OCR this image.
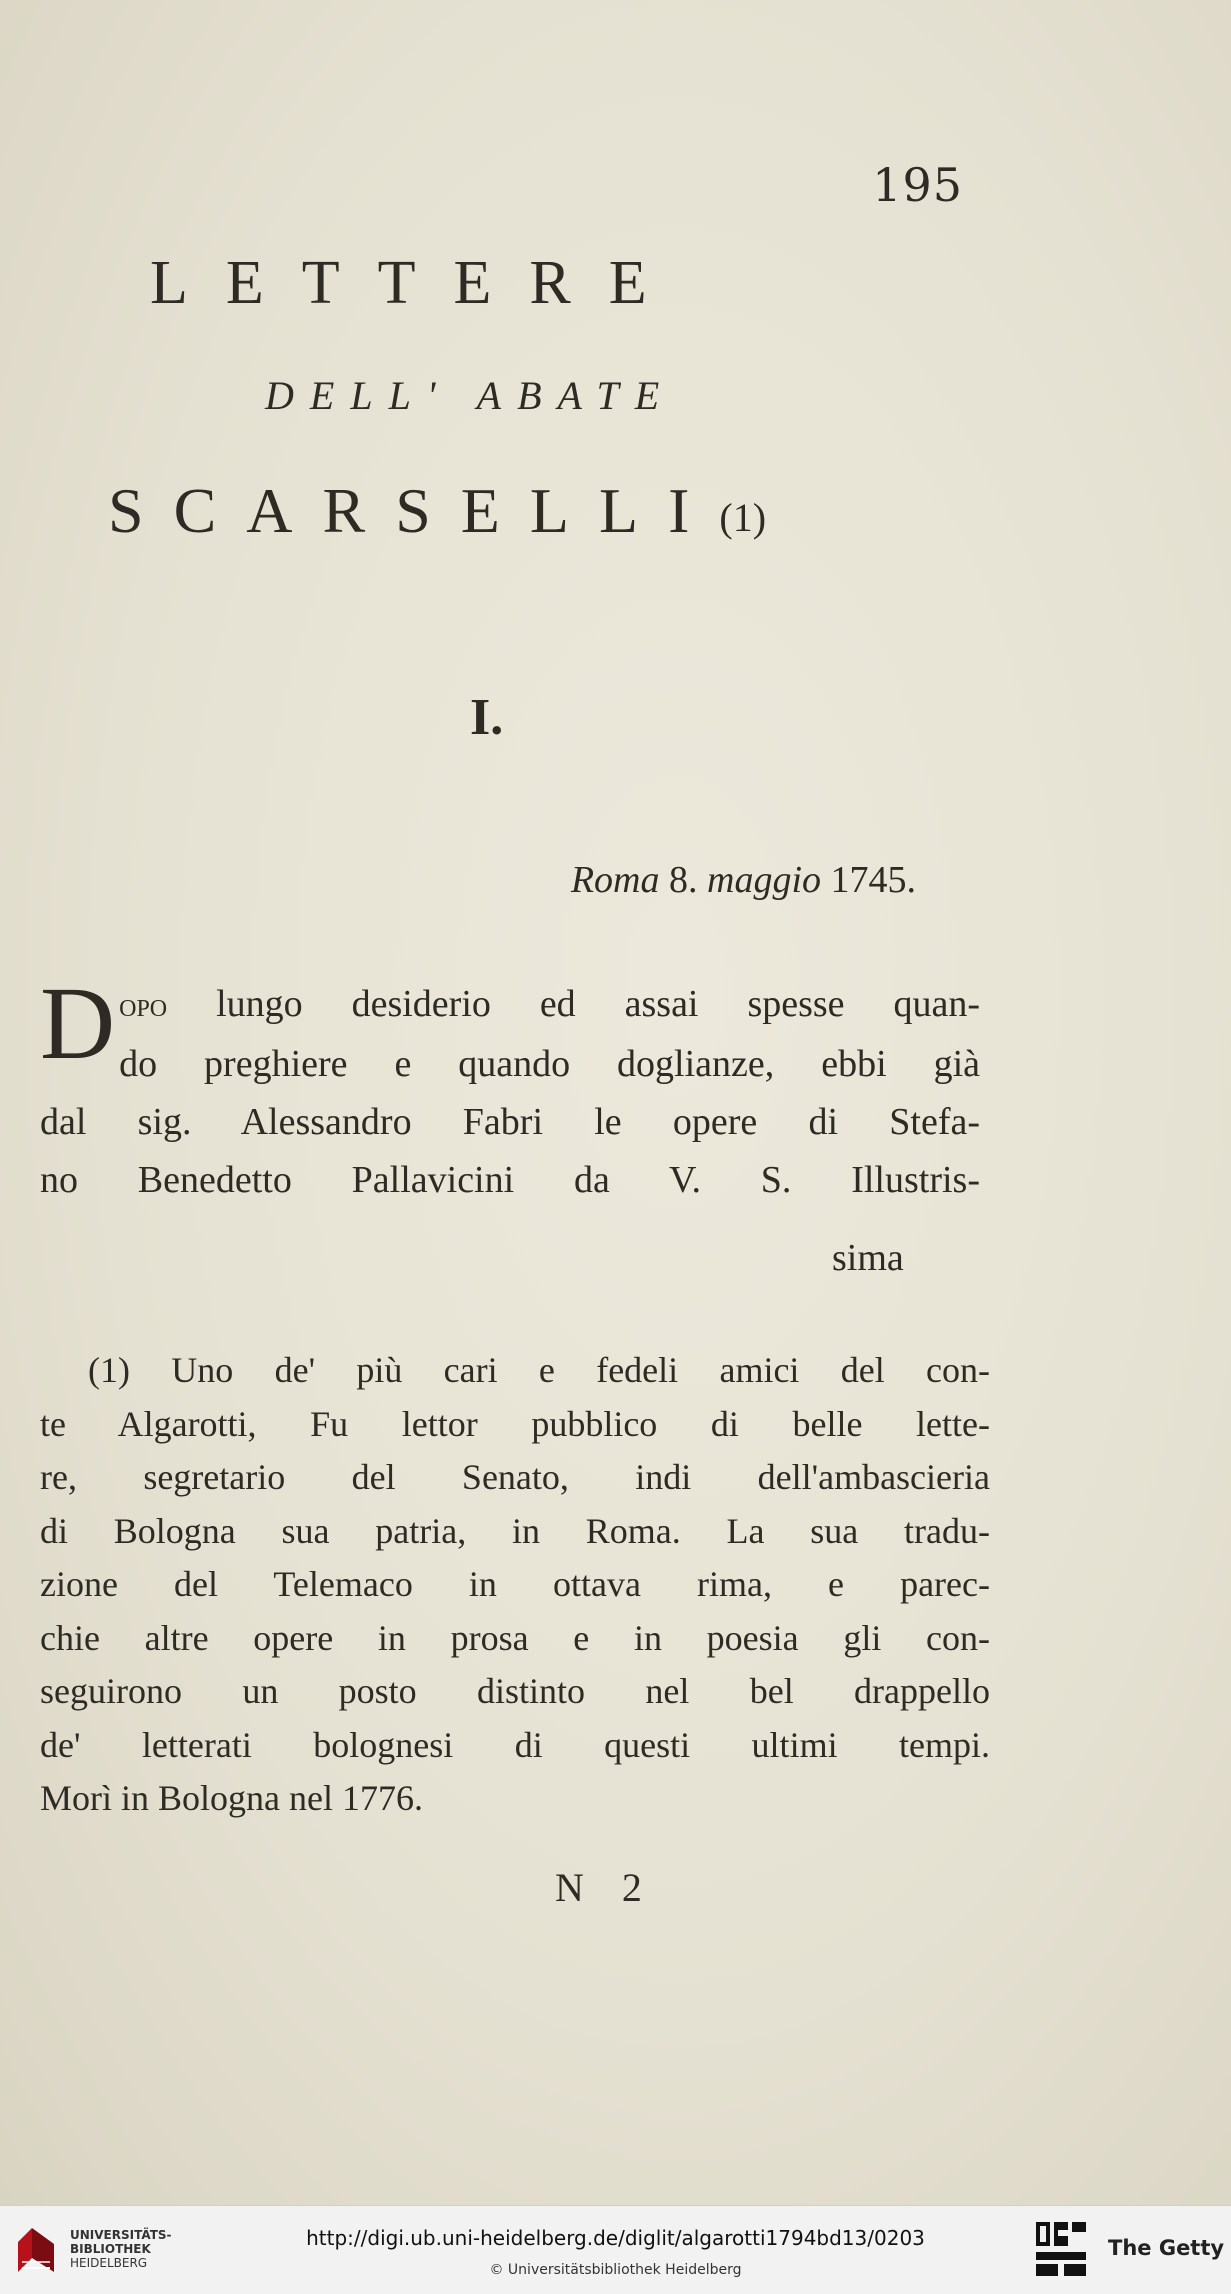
195
LETTERE
DELL' ABATE
SCARSELLI(1)
I.
Roma 8. maggio 1745.
D opo lungo desiderio ed assai spesse quan-
do preghiere e quando doglianze, ebbi già
dal sig. Alessandro Fabri le opere di Stefa-
no Benedetto Pallavicini da V. S. Illustris-
sima
(1) Uno de' più cari e fedeli amici del con-
te Algarotti, Fu lettor pubblico di belle lette-
re, segretario del Senato, indi dell'ambascieria
di Bologna sua patria, in Roma. La sua tradu-
zione del Telemaco in ottava rima, e parec-
chie altre opere in prosa e in poesia gli con-
seguirono un posto distinto nel bel drappello
de' letterati bolognesi di questi ultimi tempi.
Morì in Bologna nel 1776.
N 2
UNIVERSITÄTS-
BIBLIOTHEK
HEIDELBERG
http://digi.ub.uni-heidelberg.de/diglit/algarotti1794bd13/0203
© Universitätsbibliothek Heidelberg
The Getty
